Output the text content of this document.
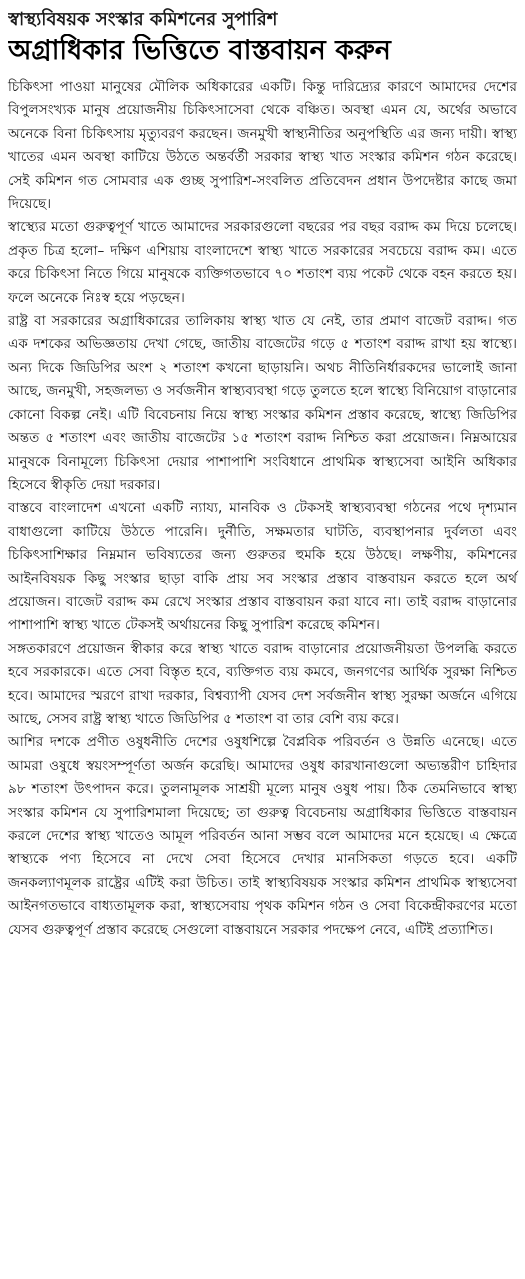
স্বাস্থ্যবিষয়ক সংস্কার কমিশনের সুপারিশ
অগ্রাধিকার ভিত্তিতে বাস্তবায়ন করুন

চিকিৎসা পাওয়া মানুষের মৌলিক অধিকারের একটি। কিন্তু দারিদ্র্যের কারণে আমাদের দেশের বিপুলসংখ্যক মানুষ প্রয়োজনীয় চিকিৎসাসেবা থেকে বঞ্চিত। অবস্থা এমন যে, অর্থের অভাবে অনেকে বিনা চিকিৎসায় মৃত্যুবরণ করছেন। জনমুখী স্বাস্থ্যনীতির অনুপস্থিতি এর জন্য দায়ী। স্বাস্থ্য খাতের এমন অবস্থা কাটিয়ে উঠতে অন্তর্বর্তী সরকার স্বাস্থ্য খাত সংস্কার কমিশন গঠন করেছে। সেই কমিশন গত সোমবার এক গুচ্ছ সুপারিশ-সংবলিত প্রতিবেদন প্রধান উপদেষ্টার কাছে জমা দিয়েছে।

স্বাস্থ্যের মতো গুরুত্বপূর্ণ খাতে আমাদের সরকারগুলো বছরের পর বছর বরাদ্দ কম দিয়ে চলেছে। প্রকৃত চিত্র হলো– দক্ষিণ এশিয়ায় বাংলাদেশে স্বাস্থ্য খাতে সরকারের সবচেয়ে বরাদ্দ কম। এতে করে চিকিৎসা নিতে গিয়ে মানুষকে ব্যক্তিগতভাবে ৭০ শতাংশ ব্যয় পকেট থেকে বহন করতে হয়। ফলে অনেকে নিঃস্ব হয়ে পড়ছেন।

রাষ্ট্র বা সরকারের অগ্রাধিকারের তালিকায় স্বাস্থ্য খাত যে নেই, তার প্রমাণ বাজেট বরাদ্দ। গত এক দশকের অভিজ্ঞতায় দেখা গেছে, জাতীয় বাজেটের গড়ে ৫ শতাংশ বরাদ্দ রাখা হয় স্বাস্থ্যে। অন্য দিকে জিডিপির অংশ ২ শতাংশ কখনো ছাড়ায়নি। অথচ নীতিনির্ধারকদের ভালোই জানা আছে, জনমুখী, সহজলভ্য ও সর্বজনীন স্বাস্থ্যব্যবস্থা গড়ে তুলতে হলে স্বাস্থ্যে বিনিয়োগ বাড়ানোর কোনো বিকল্প নেই। এটি বিবেচনায় নিয়ে স্বাস্থ্য সংস্কার কমিশন প্রস্তাব করেছে, স্বাস্থ্যে জিডিপির অন্তত ৫ শতাংশ এবং জাতীয় বাজেটের ১৫ শতাংশ বরাদ্দ নিশ্চিত করা প্রয়োজন। নিম্নআয়ের মানুষকে বিনামূল্যে চিকিৎসা দেয়ার পাশাপাশি সংবিধানে প্রাথমিক স্বাস্থ্যসেবা আইনি অধিকার হিসেবে স্বীকৃতি দেয়া দরকার।

বাস্তবে বাংলাদেশ এখনো একটি ন্যায্য, মানবিক ও টেকসই স্বাস্থ্যব্যবস্থা গঠনের পথে দৃশ্যমান বাধাগুলো কাটিয়ে উঠতে পারেনি। দুর্নীতি, সক্ষমতার ঘাটতি, ব্যবস্থাপনার দুর্বলতা এবং চিকিৎসাশিক্ষার নিম্নমান ভবিষ্যতের জন্য গুরুতর হুমকি হয়ে উঠছে। লক্ষণীয়, কমিশনের আইনবিষয়ক কিছু সংস্কার ছাড়া বাকি প্রায় সব সংস্কার প্রস্তাব বাস্তবায়ন করতে হলে অর্থ প্রয়োজন। বাজেট বরাদ্দ কম রেখে সংস্কার প্রস্তাব বাস্তবায়ন করা যাবে না। তাই বরাদ্দ বাড়ানোর পাশাপাশি স্বাস্থ্য খাতে টেকসই অর্থায়নের কিছু সুপারিশ করেছে কমিশন।

সঙ্গতকারণে প্রয়োজন স্বীকার করে স্বাস্থ্য খাতে বরাদ্দ বাড়ানোর প্রয়োজনীয়তা উপলব্ধি করতে হবে সরকারকে। এতে সেবা বিস্তৃত হবে, ব্যক্তিগত ব্যয় কমবে, জনগণের আর্থিক সুরক্ষা নিশ্চিত হবে। আমাদের স্মরণে রাখা দরকার, বিশ্বব্যাপী যেসব দেশ সর্বজনীন স্বাস্থ্য সুরক্ষা অর্জনে এগিয়ে আছে, সেসব রাষ্ট্র স্বাস্থ্য খাতে জিডিপির ৫ শতাংশ বা তার বেশি ব্যয় করে।

আশির দশকে প্রণীত ওষুধনীতি দেশের ওষুধশিল্পে বৈপ্লবিক পরিবর্তন ও উন্নতি এনেছে। এতে আমরা ওষুধে স্বয়ংসম্পূর্ণতা অর্জন করেছি। আমাদের ওষুধ কারখানাগুলো অভ্যন্তরীণ চাহিদার ৯৮ শতাংশ উৎপাদন করে। তুলনামূলক সাশ্রয়ী মূল্যে মানুষ ওষুধ পায়। ঠিক তেমনিভাবে স্বাস্থ্য সংস্কার কমিশন যে সুপারিশমালা দিয়েছে; তা গুরুত্ব বিবেচনায় অগ্রাধিকার ভিত্তিতে বাস্তবায়ন করলে দেশের স্বাস্থ্য খাতেও আমূল পরিবর্তন আনা সম্ভব বলে আমাদের মনে হয়েছে। এ ক্ষেত্রে স্বাস্থ্যকে পণ্য হিসেবে না দেখে সেবা হিসেবে দেখার মানসিকতা গড়তে হবে। একটি জনকল্যাণমূলক রাষ্ট্রের এটিই করা উচিত। তাই স্বাস্থ্যবিষয়ক সংস্কার কমিশন প্রাথমিক স্বাস্থ্যসেবা আইনগতভাবে বাধ্যতামূলক করা, স্বাস্থ্যসেবায় পৃথক কমিশন গঠন ও সেবা বিকেন্দ্রীকরণের মতো যেসব গুরুত্বপূর্ণ প্রস্তাব করেছে সেগুলো বাস্তবায়নে সরকার পদক্ষেপ নেবে, এটিই প্রত্যাশিত।
